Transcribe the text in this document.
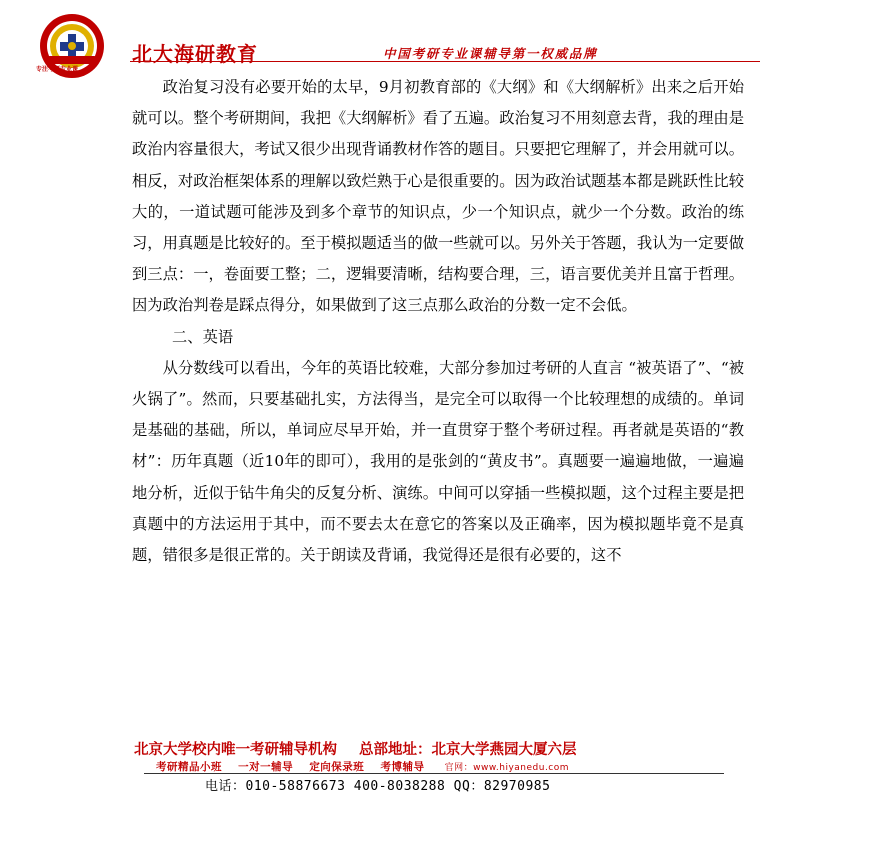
专注考研专业课
北大海研教育	中国考研专业课辅导第一权威品牌

政治复习没有必要开始的太早，9月初教育部的《大纲》和《大纲解析》出来之后开始就可以。整个考研期间，我把《大纲解析》看了五遍。政治复习不用刻意去背，我的理由是政治内容量很大，考试又很少出现背诵教材作答的题目。只要把它理解了，并会用就可以。相反，对政治框架体系的理解以致烂熟于心是很重要的。因为政治试题基本都是跳跃性比较大的，一道试题可能涉及到多个章节的知识点，少一个知识点，就少一个分数。政治的练习，用真题是比较好的。至于模拟题适当的做一些就可以。另外关于答题，我认为一定要做到三点：一，卷面要工整；二，逻辑要清晰，结构要合理，三，语言要优美并且富于哲理。因为政治判卷是踩点得分，如果做到了这三点那么政治的分数一定不会低。

二、英语

从分数线可以看出，今年的英语比较难，大部分参加过考研的人直言 “被英语了”、“被火锅了”。然而，只要基础扎实，方法得当，是完全可以取得一个比较理想的成绩的。单词是基础的基础，所以，单词应尽早开始，并一直贯穿于整个考研过程。再者就是英语的“教材”：历年真题（近10年的即可），我用的是张剑的“黄皮书”。真题要一遍遍地做，一遍遍地分析，近似于钻牛角尖的反复分析、演练。中间可以穿插一些模拟题，这个过程主要是把真题中的方法运用于其中，而不要去太在意它的答案以及正确率，因为模拟题毕竟不是真题，错很多是很正常的。关于朗读及背诵，我觉得还是很有必要的，这不

北京大学校内唯一考研辅导机构 总部地址：北京大学燕园大厦六层
考研精品小班 一对一辅导 定向保录班 考博辅导 官网：www.hiyanedu.com
电话：010-58876673 400-8038288 QQ：82970985
